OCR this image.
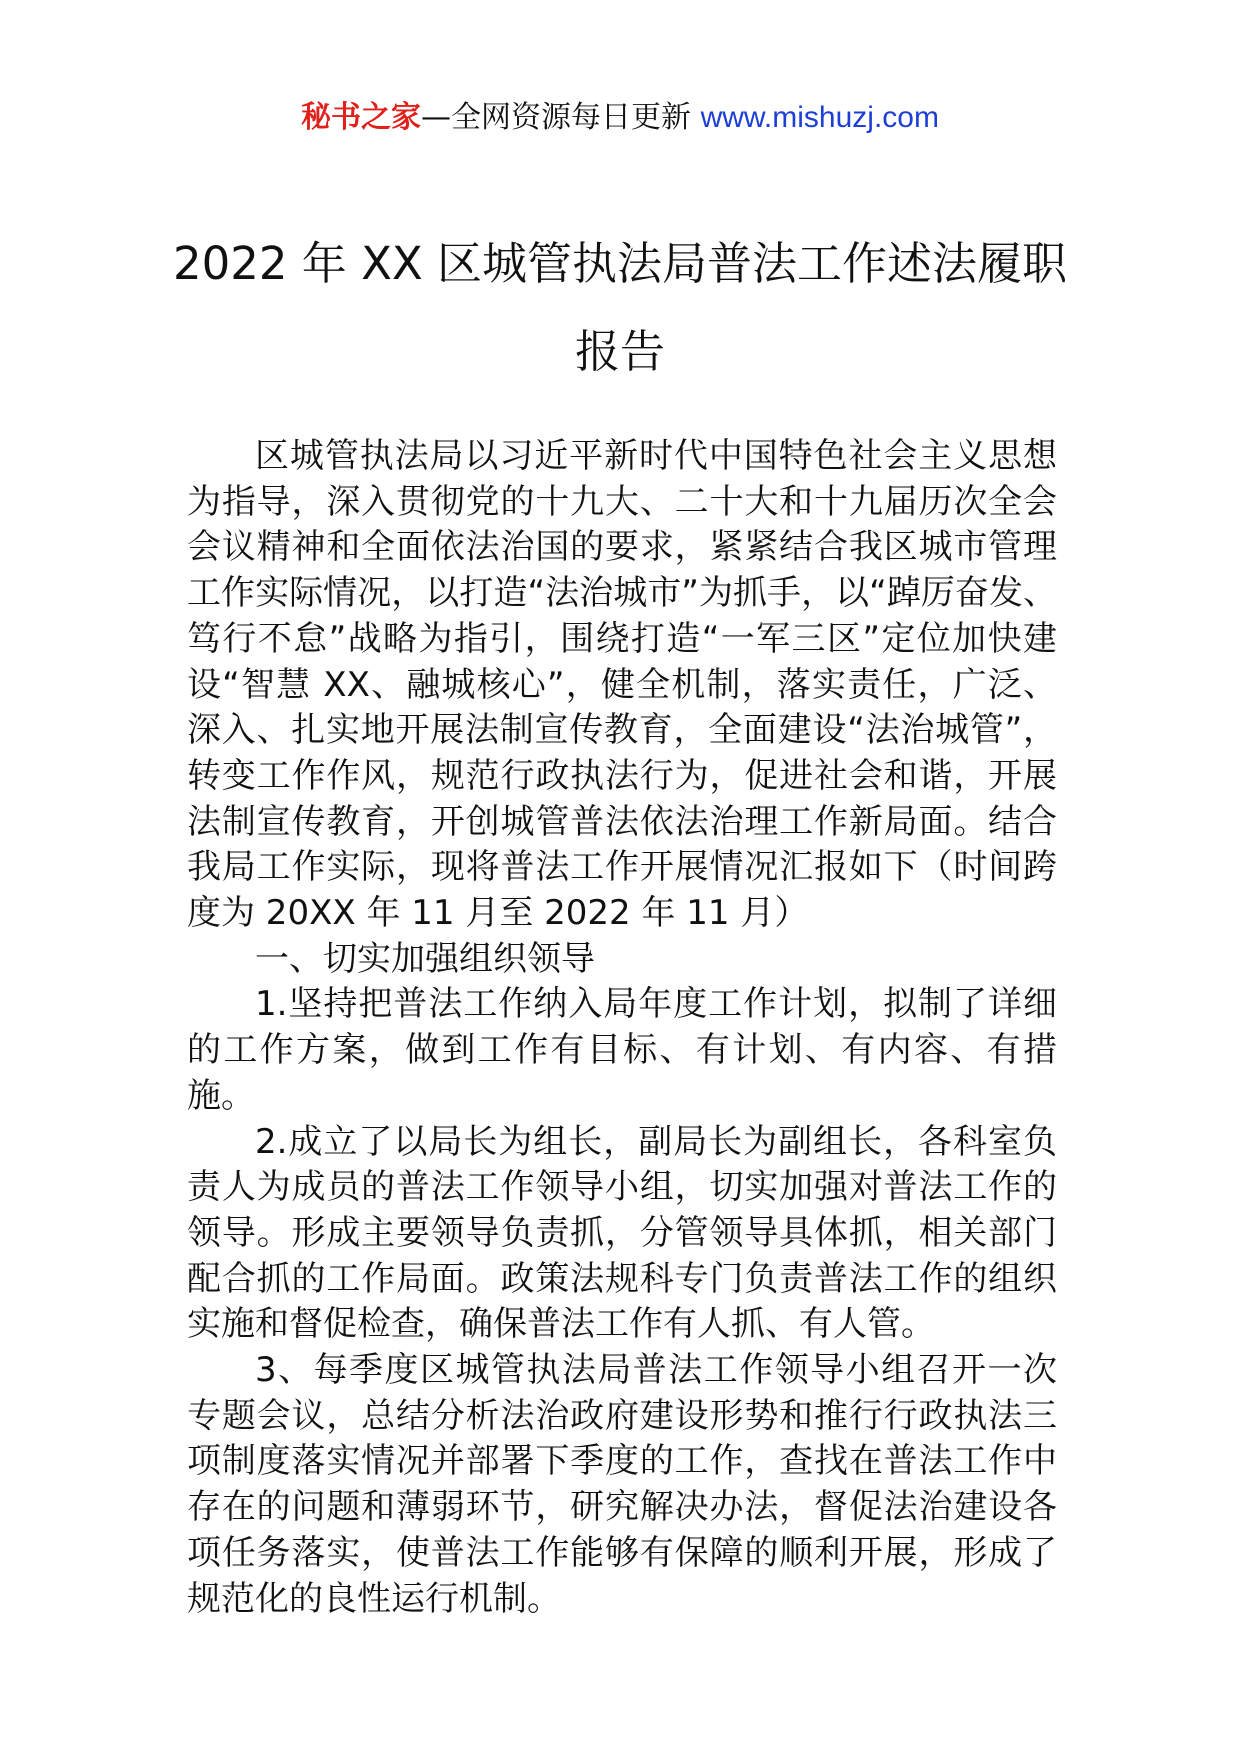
秘书之家—全网资源每日更新 www.mishuzj.com
2022 年 XX 区城管执法局普法工作述法履职
报告

区城管执法局以习近平新时代中国特色社会主义思想为指导，深入贯彻党的十九大、二十大和十九届历次全会会议精神和全面依法治国的要求，紧紧结合我区城市管理工作实际情况，以打造“法治城市”为抓手，以“踔厉奋发、笃行不怠”战略为指引，围绕打造“一军三区”定位加快建设“智慧 XX、融城核心”，健全机制，落实责任，广泛、深入、扎实地开展法制宣传教育，全面建设“法治城管”，转变工作作风，规范行政执法行为，促进社会和谐，开展法制宣传教育，开创城管普法依法治理工作新局面。结合我局工作实际，现将普法工作开展情况汇报如下（时间跨度为 20XX 年 11 月至 2022 年 11 月）

一、切实加强组织领导

1.坚持把普法工作纳入局年度工作计划，拟制了详细的工作方案，做到工作有目标、有计划、有内容、有措施。

2.成立了以局长为组长，副局长为副组长，各科室负责人为成员的普法工作领导小组，切实加强对普法工作的领导。形成主要领导负责抓，分管领导具体抓，相关部门配合抓的工作局面。政策法规科专门负责普法工作的组织实施和督促检查，确保普法工作有人抓、有人管。

3、每季度区城管执法局普法工作领导小组召开一次专题会议，总结分析法治政府建设形势和推行行政执法三项制度落实情况并部署下季度的工作，查找在普法工作中存在的问题和薄弱环节，研究解决办法，督促法治建设各项任务落实，使普法工作能够有保障的顺利开展，形成了规范化的良性运行机制。
